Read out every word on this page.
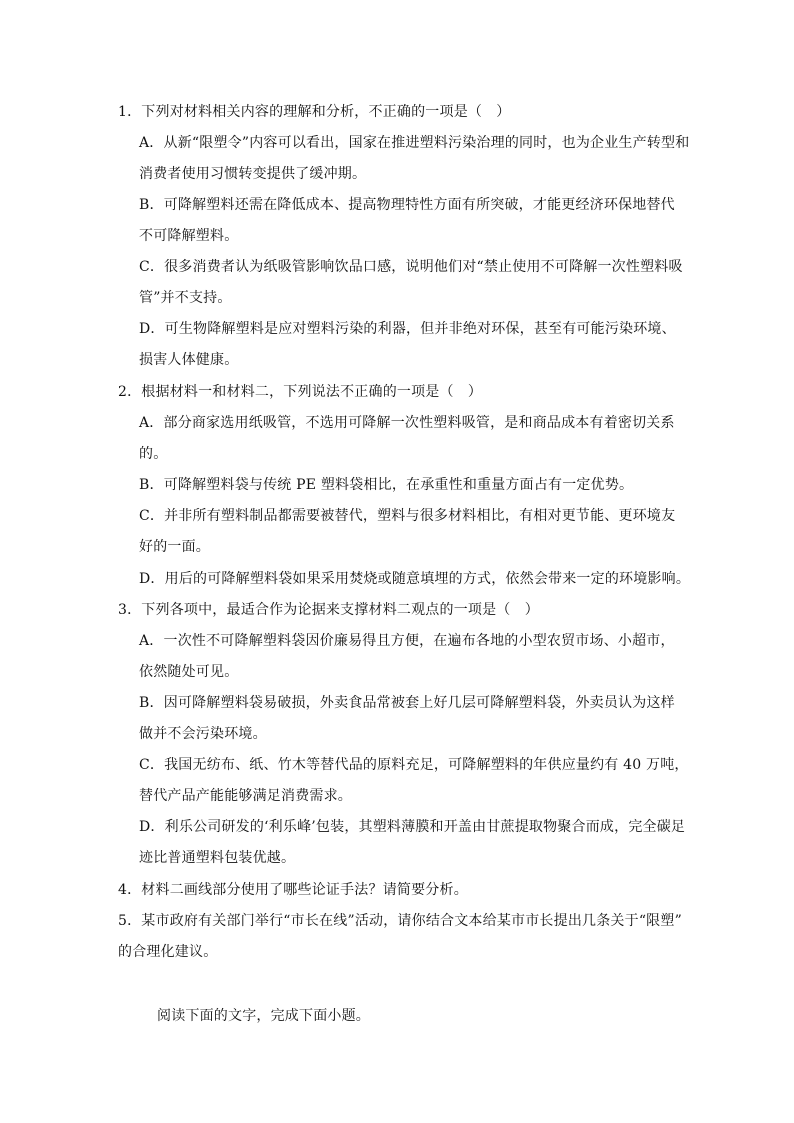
1．下列对材料相关内容的理解和分析，不正确的一项是（　）
A．从新“限塑令”内容可以看出，国家在推进塑料污染治理的同时，也为企业生产转型和
消费者使用习惯转变提供了缓冲期。
B．可降解塑料还需在降低成本、提高物理特性方面有所突破，才能更经济环保地替代
不可降解塑料。
C．很多消费者认为纸吸管影响饮品口感，说明他们对“禁止使用不可降解一次性塑料吸
管”并不支持。
D．可生物降解塑料是应对塑料污染的利器，但并非绝对环保，甚至有可能污染环境、
损害人体健康。
2．根据材料一和材料二，下列说法不正确的一项是（　）
A．部分商家选用纸吸管，不选用可降解一次性塑料吸管，是和商品成本有着密切关系
的。
B．可降解塑料袋与传统 PE 塑料袋相比，在承重性和重量方面占有一定优势。
C．并非所有塑料制品都需要被替代，塑料与很多材料相比，有相对更节能、更环境友
好的一面。
D．用后的可降解塑料袋如果采用焚烧或随意填埋的方式，依然会带来一定的环境影响。
3．下列各项中，最适合作为论据来支撑材料二观点的一项是（　）
A．一次性不可降解塑料袋因价廉易得且方便，在遍布各地的小型农贸市场、小超市，
依然随处可见。
B．因可降解塑料袋易破损，外卖食品常被套上好几层可降解塑料袋，外卖员认为这样
做并不会污染环境。
C．我国无纺布、纸、竹木等替代品的原料充足，可降解塑料的年供应量约有 40 万吨，
替代产品产能能够满足消费需求。
D．利乐公司研发的‘利乐峰’包装，其塑料薄膜和开盖由甘蔗提取物聚合而成，完全碳足
迹比普通塑料包装优越。
4．材料二画线部分使用了哪些论证手法？请简要分析。
5．某市政府有关部门举行“市长在线”活动，请你结合文本给某市市长提出几条关于“限塑”
的合理化建议。
阅读下面的文字，完成下面小题。
